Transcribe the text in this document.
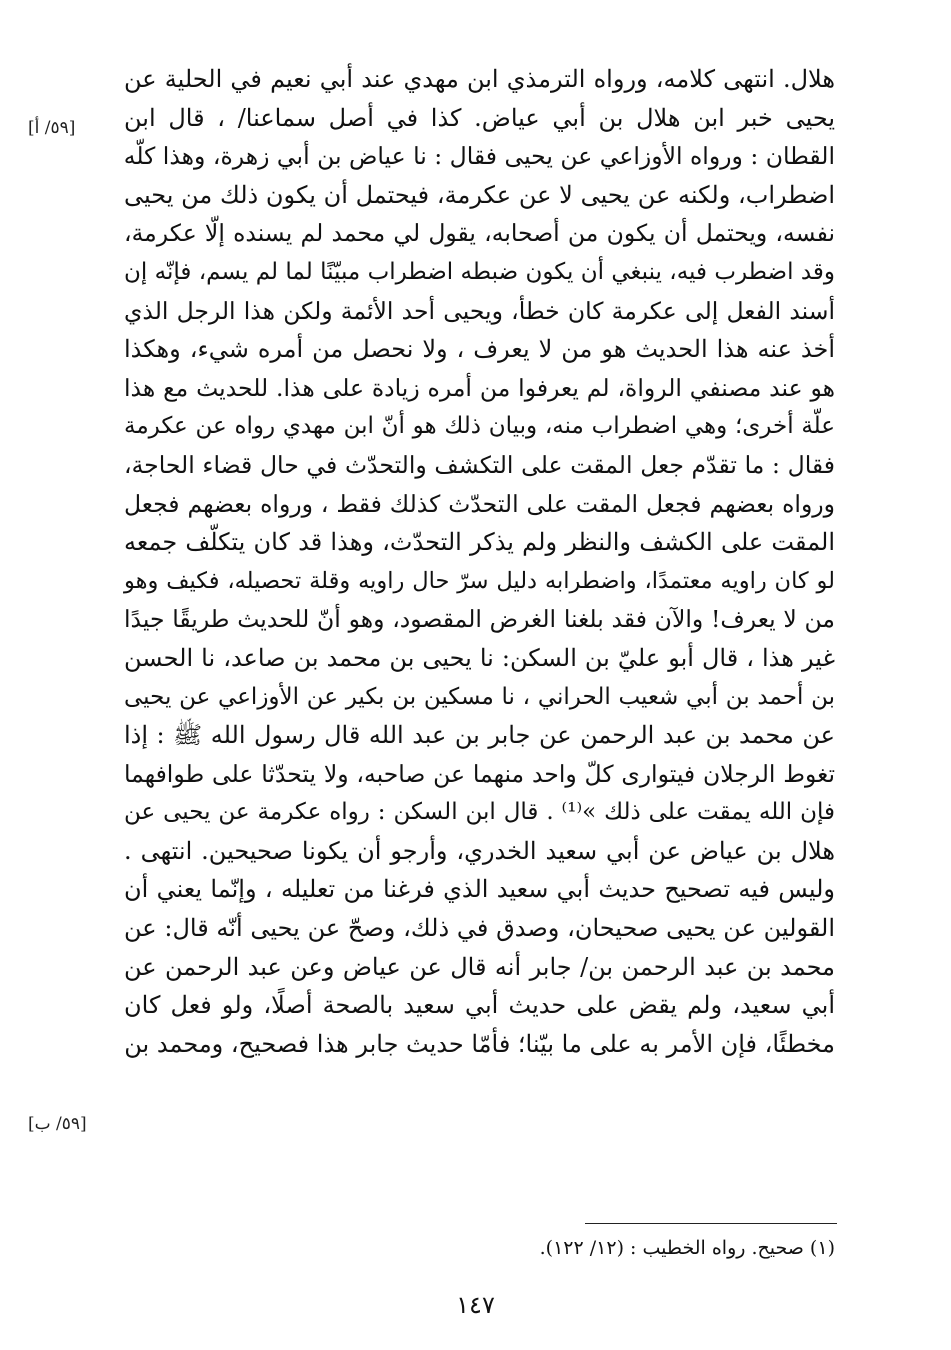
[٥٩/ أ]
[٥٩/ ب]
هلال. انتهى كلامه، ورواه الترمذي ابن مهدي عند أبي نعيم في الحلية عن
يحيى خبر ابن هلال بن أبي عياض. كذا في أصل سماعنا/ ، قال ابن
القطان : ورواه الأوزاعي عن يحيى فقال : نا عياض بن أبي زهرة، وهذا كلّه
اضطراب، ولكنه عن يحيى لا عن عكرمة، فيحتمل أن يكون ذلك من يحيى
نفسه، ويحتمل أن يكون من أصحابه، يقول لي محمد لم يسنده إلّا عكرمة،
وقد اضطرب فيه، ينبغي أن يكون ضبطه اضطراب مبيّنًا لما لم يسم، فإنّه إن
أسند الفعل إلى عكرمة كان خطأ، ويحيى أحد الأئمة ولكن هذا الرجل الذي
أخذ عنه هذا الحديث هو من لا يعرف ، ولا نحصل من أمره شيء، وهكذا
هو عند مصنفي الرواة، لم يعرفوا من أمره زيادة على هذا. للحديث مع هذا
علّة أخرى؛ وهي اضطراب منه، وبيان ذلك هو أنّ ابن مهدي رواه عن عكرمة
فقال : ما تقدّم جعل المقت على التكشف والتحدّث في حال قضاء الحاجة،
ورواه بعضهم فجعل المقت على التحدّث كذلك فقط ، ورواه بعضهم فجعل
المقت على الكشف والنظر ولم يذكر التحدّث، وهذا قد كان يتكلّف جمعه
لو كان راويه معتمدًا، واضطرابه دليل سرّ حال راويه وقلة تحصيله، فكيف وهو
من لا يعرف! والآن فقد بلغنا الغرض المقصود، وهو أنّ للحديث طريقًا جيدًا
غير هذا ، قال أبو عليّ بن السكن: نا يحيى بن محمد بن صاعد، نا الحسن
بن أحمد بن أبي شعيب الحراني ، نا مسكين بن بكير عن الأوزاعي عن يحيى
عن محمد بن عبد الرحمن عن جابر بن عبد الله قال رسول الله ﷺ : إذا
تغوط الرجلان فيتوارى كلّ واحد منهما عن صاحبه، ولا يتحدّثا على طوافهما
فإن الله يمقت على ذلك »⁽¹⁾ . قال ابن السكن : رواه عكرمة عن يحيى عن
هلال بن عياض عن أبي سعيد الخدري، وأرجو أن يكونا صحيحين. انتهى .
وليس فيه تصحيح حديث أبي سعيد الذي فرغنا من تعليله ، وإنّما يعني أن
القولين عن يحيى صحيحان، وصدق في ذلك، وصحّ عن يحيى أنّه قال: عن
محمد بن عبد الرحمن بن/ جابر أنه قال عن عياض وعن عبد الرحمن عن
أبي سعيد، ولم يقض على حديث أبي سعيد بالصحة أصلًا، ولو فعل كان
مخطئًا، فإن الأمر به على ما بيّنا؛ فأمّا حديث جابر هذا فصحيح، ومحمد بن
(١) صحيح. رواه الخطيب : (١٢/ ١٢٢).
١٤٧
